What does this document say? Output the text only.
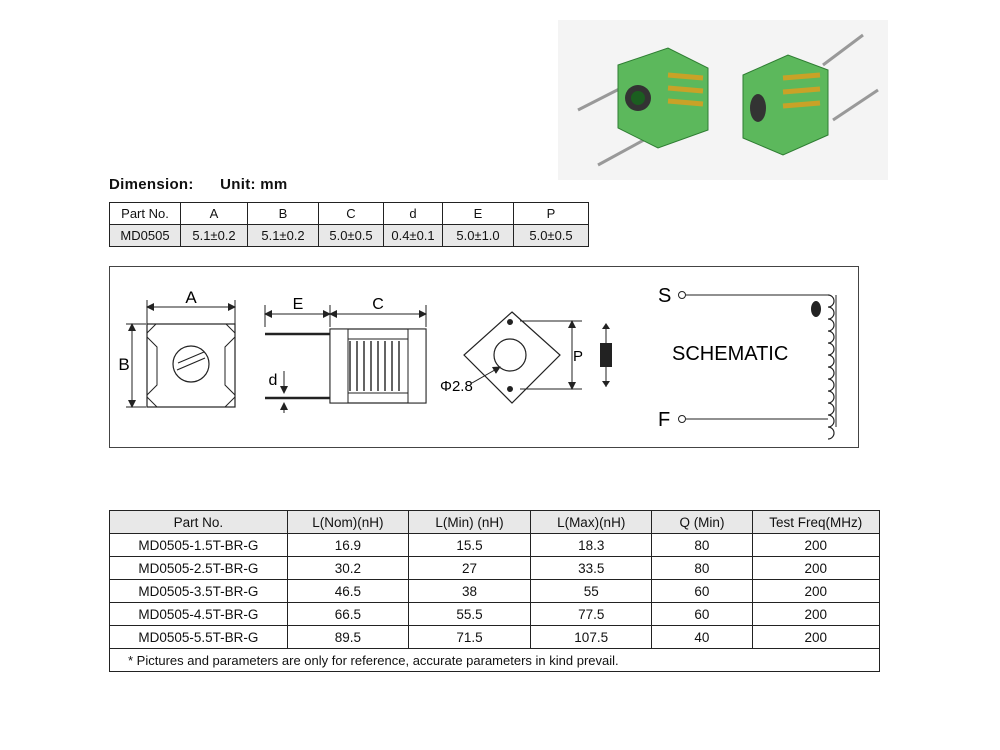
Dimension: Unit: mm
Part No.	A	B	C	d	E	P
MD0505	5.1±0.2	5.1±0.2	5.0±0.5	0.4±0.1	5.0±1.0	5.0±0.5
A
B
E	C
d
P
Φ2.8
S
SCHEMATIC
F
Part No.	L(Nom)(nH)	L(Min) (nH)	L(Max)(nH)	Q (Min)	Test Freq(MHz)
MD0505-1.5T-BR-G	16.9	15.5	18.3	80	200
MD0505-2.5T-BR-G	30.2	27	33.5	80	200
MD0505-3.5T-BR-G	46.5	38	55	60	200
MD0505-4.5T-BR-G	66.5	55.5	77.5	60	200
MD0505-5.5T-BR-G	89.5	71.5	107.5	40	200
* Pictures and parameters are only for reference, accurate parameters in kind prevail.					
